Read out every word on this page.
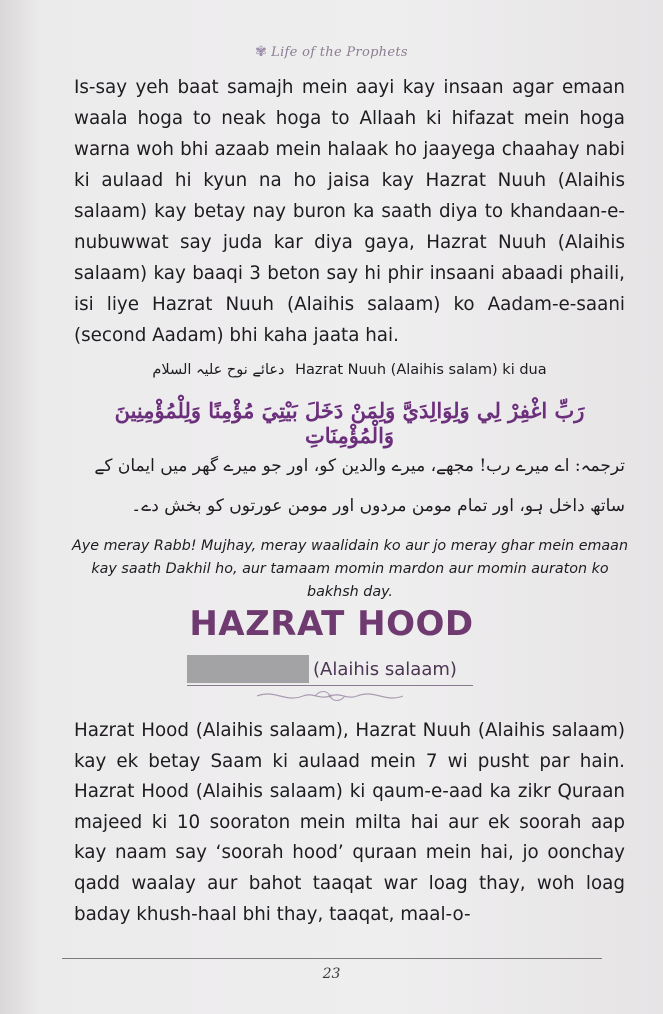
✾ Life of the Prophets
Is-say yeh baat samajh mein aayi kay insaan agar emaan waala hoga to neak hoga to Allaah ki hifazat mein hoga warna woh bhi azaab mein halaak ho jaayega chaahay nabi ki aulaad hi kyun na ho jaisa kay Hazrat Nuuh (Alaihis salaam) kay betay nay buron ka saath diya to khandaan-e-nubuwwat say juda kar diya gaya, Hazrat Nuuh (Alaihis salaam) kay baaqi 3 beton say hi phir insaani abaadi phaili, isi liye Hazrat Nuuh (Alaihis salaam) ko Aadam-e-saani (second Aadam) bhi kaha jaata hai.
دعائے نوح علیہ السلام Hazrat Nuuh (Alaihis salam) ki dua
رَبِّ اغْفِرْ لِي وَلِوَالِدَيَّ وَلِمَنْ دَخَلَ بَيْتِيَ مُؤْمِنًا وَلِلْمُؤْمِنِينَ وَالْمُؤْمِنَاتِ
ترجمہ: اے میرے رب! مجھے، میرے والدین کو، اور جو میرے گھر میں ایمان کے ساتھ داخل ہو، اور تمام مومن مردوں اور مومن عورتوں کو بخش دے۔
Aye meray Rabb! Mujhay, meray waalidain ko aur jo meray ghar mein emaan kay saath Dakhil ho, aur tamaam momin mardon aur momin auraton ko bakhsh day.
HAZRAT HOOD
(Alaihis salaam)
Hazrat Hood (Alaihis salaam), Hazrat Nuuh (Alaihis salaam) kay ek betay Saam ki aulaad mein 7 wi pusht par hain. Hazrat Hood (Alaihis salaam) ki qaum-e-aad ka zikr Quraan majeed ki 10 sooraton mein milta hai aur ek soorah aap kay naam say ‘soorah hood’ quraan mein hai, jo oonchay qadd waalay aur bahot taaqat war loag thay, woh loag baday khush-haal bhi thay, taaqat, maal-o-
23
